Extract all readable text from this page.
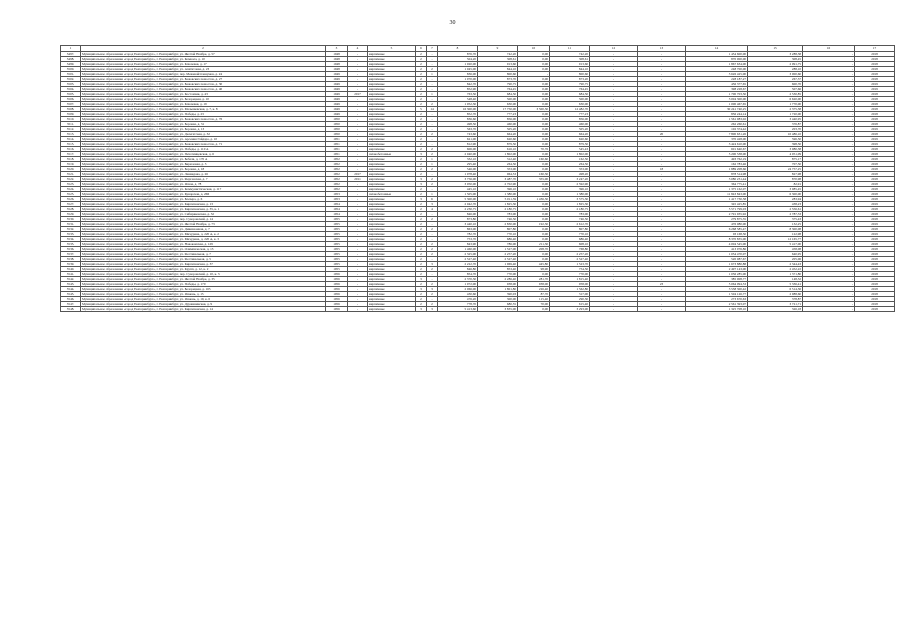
30
1	2	3	4	5	6	7	8	9	10	11	12	13	14	15	16	17
3497.	Муниципальное образование «город Екатеринбург», г. Екатеринбург, ул. Желтой Ноябре, д. 57	1948	-	кирпичные	2	-	876,70	742,20	0,00	742,20	-	-	1 454 600,00	3 288,38	-	2018
3498.	Муниципальное образование «город Екатеринбург», г. Екатеринбург, ул. Комвола, д. 10	1948	-	кирпичные	2	-	504,20	308,61	0,00	308,61	-	-	870 000,00	308,45	-	2018
3499.	Муниципальное образование «город Екатеринбург», г. Екатеринбург, ул. Ключевая, д. 17	1948	-	кирпичные	2	-	1 020,00	913,60	0,00	913,60	-	-	1 867 634,00	2 091,75	-	2018
3500.	Муниципальное образование «город Екатеринбург», г. Екатеринбург, ул. Апатитовая, д. 23	1948	-	кирпичные	2	2	1 045,00	844,10	0,00	844,10	-	-	248 700,00	288,10	-	2018
3501.	Муниципальное образование «город Екатеринбург», г. Екатеринбург, пер. Межевой/пленумов, д. 24	1949	-	кирпичные	2	1	836,00	800,60	-	800,60	-	-	3 626 425,00	3 000,60	-	2018
3502.	Муниципальное образование «город Екатеринбург», г. Екатеринбург, ул. Бажовских помостов, д. 27	1949	-	кирпичные	2	-	1 070,00	873,70	0,00	873,20	-	-	228 187,27	267,37	-	2018
3503.	Муниципальное образование «город Екатеринбург», г. Екатеринбург, ул. Бажовских помостов, д. 30	1949	-	кирпичные	2	-	842,70	790,75	0,00	790,75	-	-	456 377,65	600,70	-	2019
3504.	Муниципальное образование «город Екатеринбург», г. Екатеринбург, ул. Бажовских помостов, д. 40	1949	-	кирпичные	2	-	852,90	764,45	0,00	764,45	-	-	398 228,67	507,66	-	2019
3505.	Муниципальное образование «город Екатеринбург», г. Екатеринбург, ул. Костомаяк, д. 43	1949	2017	кирпичные	2	1	763,50	684,50	0,00	684,50	-	-	1 700 703,50	2 530,85	-	2018
3506.	Муниципальное образование «город Екатеринбург», г. Екатеринбург, ул. Белорецкая, д. 10	1949	-	кирпичные	2	-	548,40	500,00	0,00	500,00	-	-	3 004 300,00	6 620,00	-	2018
3507.	Муниципальное образование «город Екатеринбург», г. Екатеринбург, ул. Ключевая, д. 19	1949	-	кирпичные	2	2	1 052,30	630,00	0,00	630,00	-	-	1 000 467,65	1 770,00	-	2018
3508.	Муниципальное образование «город Екатеринбург», г. Екатеринбург, ул. Малышевская, д. 7, к. 8	1949	-	кирпичные	5	14	16 300,00	17 750,00	3 500,30	12 482,70	-	-	30 241 740,25	2 375,38	-	2018
3509.	Муниципальное образование «город Екатеринбург», г. Екатеринбург, ул. Победы, д. 23	1949	-	кирпичные	2	-	852,70	777,23	0,00	777,23	-	-	856 244,14	1 720,00	-	2018
3510.	Муниципальное образование «город Екатеринбург», г. Екатеринбург, ул. Бажовских помостов, д. 76	1950	-	кирпичные	2	-	836,60	856,00	0,00	856,00	-	-	1 561 083,02	3 440,95	-	2018
3511.	Муниципальное образование «город Екатеринбург», г. Екатеринбург, ул. Боровая, д. 31	1950	-	кирпичные	2	-	498,50	460,00	0,00	460,00	-	-	262 260,61	376,87	-	2018
3512.	Муниципальное образование «город Екатеринбург», г. Екатеринбург, ул. Боровая, д. 13	1950	-	кирпичные	2	-	563,70	505,20	0,00	505,20	-	-	102 374,42	203,70	-	2019
3513.	Муниципальное образование «город Екатеринбург», г. Екатеринбург, ул. Делегатская, д. 32	1950	-	кирпичные	2	2	743,60	664,20	0,00	664,20	-	20	7 800 631,26	10 486,10	-	2018
3514.	Муниципальное образование «город Екатеринбург», г. Екатеринбург, ул. Арсения Гайдара, д. 10	1951	-	кирпичные	2	-	621,00	620,60	0,00	620,60	-	-	370 428,00	596,50	-	2019
3515.	Муниципальное образование «город Екатеринбург», г. Екатеринбург, ул. Бажовских помостов, д. 71	1951	-	кирпичные	2	-	812,90	879,50	0,00	879,50	-	-	3 424 610,00	398,50	-	2019
3516.	Муниципальное образование «город Екатеринбург», г. Екатеринбург, ул. Победы, д. 110 А	1951	-	кирпичные	2	2	606,00	616,10	70,76	545,43	-	-	601 640,67	3 080,38	-	2018
3517.	Муниципальное образование «город Екатеринбург», г. Екатеринбург, ул. Пехотинцевская, д. 6	1951	-	шлакобетонные	3	2	2 040,00	1 802,00	0,00	1 802,00	-	-	5 200 538,00	4 051,09	-	2018
3518.	Муниципальное образование «город Екатеринбург», г. Екатеринбург, ул. Бебеля, д. 170 А	1952	-	кирпичные	2	1	332,10	312,40	160,60	162,50	-	-	493 762,19	875,17	-	2018
3519.	Муниципальное образование «город Екатеринбург», г. Екатеринбург, ул. Бирюзовая, д. 3	1952	-	кирпичные	2	1	295,40	264,50	0,00	264,50	-	-	162 783,46	707,50	-	2018
3520.	Муниципальное образование «город Екатеринбург», г. Екатеринбург, ул. Боровая, д. 18	1952	-	кирпичные	2	2	546,00	353,00	0,00	353,00	-	18	1 889 208,66	24 757,25	-	2018
3521.	Муниципальное образование «город Екатеринбург», г. Екатеринбург, ул. Ленвидова, д. 26	1952	2017	кирпичные	2	-	1 078,40	964,53	160,30	498,20	-	-	878 514,98	827,98	-	2018
3522.	Муниципальное образование «город Екатеринбург», г. Екатеринбург, ул. Ферганская, д. 7	1952	2011	кирпичные	3	2	3 756,00	3 487,70	355,00	3 247,20	-	-	3 080 231,44	870,98	-	2018
3523.	Муниципальное образование «город Екатеринбург», г. Екатеринбург, ул. Ясная, д. 78	1952	-	кирпичные	3	2	3 050,00	2 702,90	0,00	2 592,90	-	-	364 775,41	82,91	-	2018
3524.	Муниципальное образование «город Екатеринбург», г. Екатеринбург, ул. Коммунистическая, д. 117	1952	-	кирпичные	2	-	445,10	396,10	0,00	396,10	-	-	1 375 162,07	3 085,45	-	2018
3525.	Муниципальное образование «город Екатеринбург», г. Екатеринбург, ул. Кунарская, д. 26Б	1953	-	шлакобетонные	2	1	1 505,00	1 380,00	0,00	1 380,00	-	-	11 843 843,00	6 300,00	-	2018
3526.	Муниципальное образование «город Екатеринбург», г. Екатеринбург, ул. Блехера, д. 6	1953	-	кирпичные	3	6	5 300,00	5 011,59	1 436,30	3 575,30	-	-	1 417 730,58	283,94	-	2018
3527.	Муниципальное образование «город Екатеринбург», г. Екатеринбург, ул. Кирпичанская, д. 13	1954	-	кирпичные	2	3	2 042,70	1 825,30	0,00	1 825,30	-	-	345 425,85	438,23	-	2019
3528.	Муниципальное образование «город Екатеринбург», г. Екатеринбург, ул. Кирпичанская, д. 35, к. 1	1954	-	кирпичные	2	4	2 230,75	2 180,75	0,00	2 180,75	-	-	5 571 799,03	2 556,61	-	2018
3529.	Муниципальное образование «город Екатеринбург», г. Екатеринбург, ул. Сибиряковская, д. 32	1954	-	кирпичные	2	-	846,00	783,00	0,00	783,00	-	-	2 791 935,92	2 787,33	-	2018
3530.	Муниципальное образование «город Екатеринбург», г. Екатеринбург, пер. Суворовский, д. 14	1955	-	кирпичные	2	2	873,80	746,50	0,00	746,50	-	-	279 875,35	375,43	-	2018
3531.	Муниципальное образование «город Екатеринбург», г. Екатеринбург, ул. Желтой Ноябре, д. 73	1955	-	кирпичные	2	-	3 440,10	2 830,00	192,30	2 612,70	-	-	476 080,00	132,25	-	2019
3532.	Муниципальное образование «город Екатеринбург», г. Екатеринбург, ул. Дивизионная, д. 7	1955	-	кирпичные	2	2	863,00	807,80	0,00	807,80	-	-	6 268 585,47	8 300,08	-	2018
3533.	Муниципальное образование «город Екатеринбург», г. Екатеринбург, ул. Мичурина, д. 220 А, к. 2	1955	-	кирпичные	2	-	782,70	770,10	0,00	770,10	-	-	93 168,50	122,98	-	2019
3534.	Муниципальное образование «город Екатеринбург», г. Екатеринбург, ул. Мичурина, д. 220 А, к. 3	1955	-	кирпичные	2	-	753,70	686,40	0,00	686,40	-	-	8 370 835,00	12 165,77	-	2018
3535.	Муниципальное образование «город Екатеринбург», г. Екатеринбург, ул. Новокамская, д. 129	1955	-	кирпичные	2	2	843,90	786,00	211,30	608,10	-	-	4 004 545,00	5 417,00	-	2018
3536.	Муниципальное образование «город Екатеринбург», г. Екатеринбург, ул. Олимпическая, д. 13	1955	-	кирпичные	2	2	1 460,00	1 527,00	208,70	768,80	-	-	413 076,86	458,08	-	2018
3537.	Муниципальное образование «город Екатеринбург», г. Екатеринбург, ул. Фестивальная, д. 7	1955	-	кирпичные	2	2	2 325,00	2 257,20	0,00	2 257,20	-	-	1 054 470,07	640,95	-	2018
3538.	Муниципальное образование «город Екатеринбург», г. Екатеринбург, ул. Фестивальная, д. 5	1955	-	кирпичные	2	-	2 527,40	2 527,40	0,00	2 527,40	-	-	520 087,67	205,06	-	2018
3539.	Муниципальное образование «город Екатеринбург», г. Екатеринбург, ул. Кирпичанская, д. 37	1955	-	кирпичные	2	3	2 222,70	1 969,40	445,80	1 523,70	-	-	1 673 880,88	2 344,43	-	2018
3540.	Муниципальное образование «город Екатеринбург», г. Екатеринбург, ул. Крупп, д. 12, к. 2	1955	-	кирпичные	2	2	846,80	853,40	98,90	754,50	-	-	2 497 143,00	2 452,22	-	2018
3541.	Муниципальное образование «город Екатеринбург», г. Екатеринбург, пер. Суворовский, д. 10, к. 3	1956	-	кирпичные	2	-	854,70	770,00	0,00	770,00	-	-	1 056 285,00	1 371,80	-	2018
3542.	Муниципальное образование «город Екатеринбург», г. Екатеринбург, ул. Желтой Ноябре, д. 35	1956	-	кирпичные	3	-	2 370,30	2 286,40	281,70	1 815,40	-	-	385 008,77	148,32	-	2018
3543.	Муниципальное образование «город Екатеринбург», г. Екатеринбург, ул. Победы, д. 170	1956	-	кирпичные	2	2	1 072,00	938,00	938,00	958,00	-	23	5 064 094,53	5 336,41	-	2018
3544.	Муниципальное образование «город Екатеринбург», г. Екатеринбург, ул. Белорецкая, д. 165	1956	-	кирпичные	3	3	2 066,00	1 801,80	226,40	1 562,80	-	-	3 538 300,42	6 514,36	-	2018
3545.	Муниципальное образование «город Екатеринбург», г. Екатеринбург, ул. Ячмень, д. 15	1956	-	кирпичные	2	2	430,60	390,03	87,70	317,00	-	-	1 504 126,77	2 988,60	-	2018
3546.	Муниципальное образование «город Екатеринбург», г. Екатеринбург, ул. Ячмень, д. 19, к. 6	1956	-	кирпичные	2	-	476,20	300,00	115,40	290,30	-	-	273 670,63	378,87	-	2018
3547.	Муниципальное образование «город Екатеринбург», г. Екатеринбург, ул. Дружининская, д. 9	1956	-	кирпичные	2	2	778,70	680,55	70,00	615,40	-	-	2 561 393,07	3 721,71	-	2018
3548.	Муниципальное образование «город Екатеринбург», г. Екатеринбург, ул. Кирпичанская, д. 14	1956	-	кирпичные	3	3	5 413,60	3 835,00	0,00	3 293,00	-	-	1 325 708,10	326,18	-	2018
